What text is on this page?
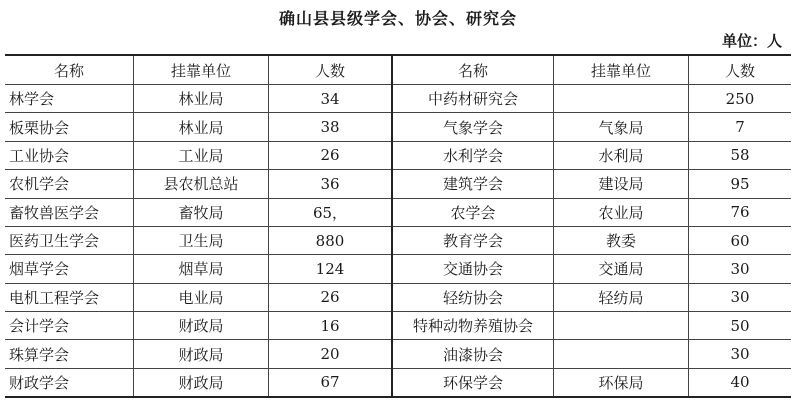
确山县县级学会、协会、研究会
单位：人
名称	挂靠单位	人数	名称	挂靠单位	人数
林学会	林业局	34	中药材研究会		250
板栗协会	林业局	38	气象学会	气象局	7
工业协会	工业局	26	水利学会	水利局	58
农机学会	县农机总站	36	建筑学会	建设局	95
畜牧兽医学会	畜牧局	65，	农学会	农业局	76
医药卫生学会	卫生局	880	教育学会	教委	60
烟草学会	烟草局	124	交通协会	交通局	30
电机工程学会	电业局	26	轻纺协会	轻纺局	30
会计学会	财政局	16	特种动物养殖协会		50
珠算学会	财政局	20	油漆协会		30
财政学会	财政局	67	环保学会	环保局	40
